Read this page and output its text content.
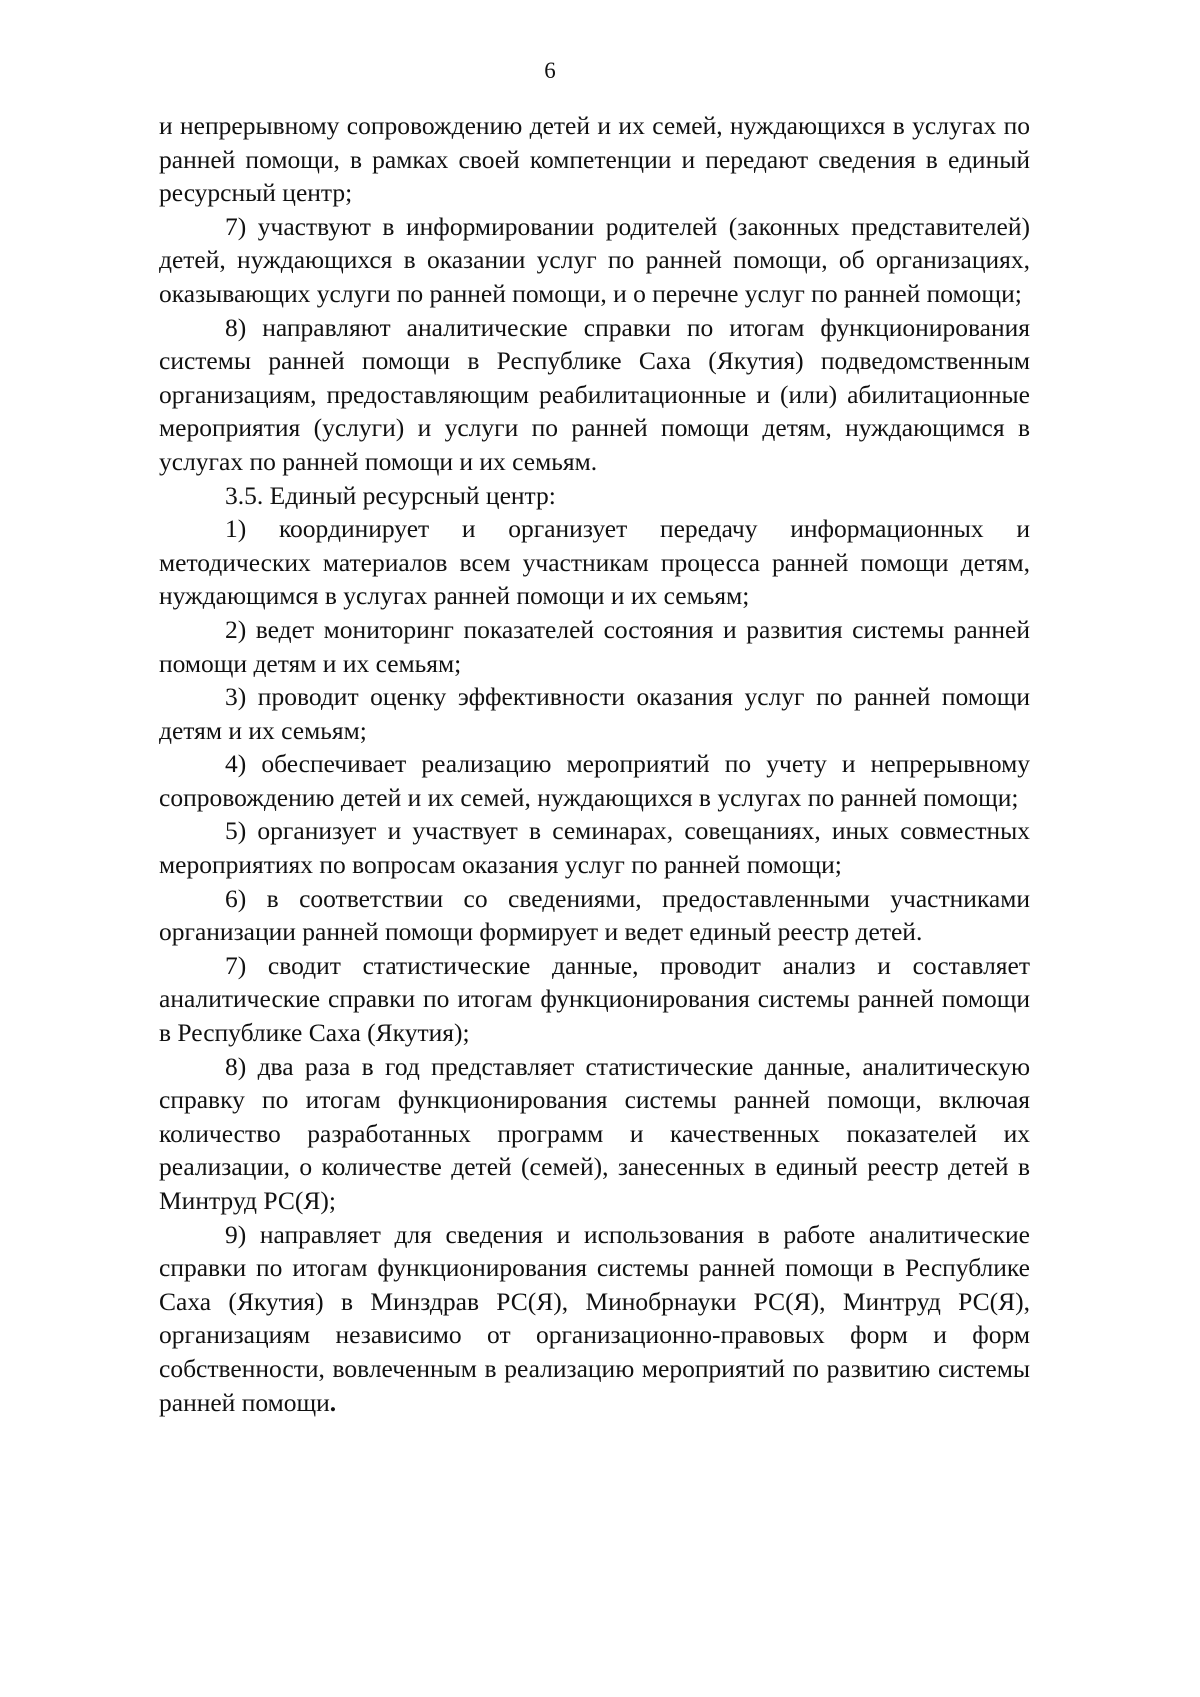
6

и непрерывному сопровождению детей и их семей, нуждающихся в услугах по ранней помощи, в рамках своей компетенции и передают сведения в единый ресурсный центр;

7) участвуют в информировании родителей (законных представителей) детей, нуждающихся в оказании услуг по ранней помощи, об организациях, оказывающих услуги по ранней помощи, и о перечне услуг по ранней помощи;

8) направляют аналитические справки по итогам функционирования системы ранней помощи в Республике Саха (Якутия) подведомственным организациям, предоставляющим реабилитационные и (или) абилитационные мероприятия (услуги) и услуги по ранней помощи детям, нуждающимся в услугах по ранней помощи и их семьям.

3.5. Единый ресурсный центр:

1) координирует и организует передачу информационных и методических материалов всем участникам процесса ранней помощи детям, нуждающимся в услугах ранней помощи и их семьям;

2) ведет мониторинг показателей состояния и развития системы ранней помощи детям и их семьям;

3) проводит оценку эффективности оказания услуг по ранней помощи детям и их семьям;

4) обеспечивает реализацию мероприятий по учету и непрерывному сопровождению детей и их семей, нуждающихся в услугах по ранней помощи;

5) организует и участвует в семинарах, совещаниях, иных совместных мероприятиях по вопросам оказания услуг по ранней помощи;

6) в соответствии со сведениями, предоставленными участниками организации ранней помощи формирует и ведет единый реестр детей.

7) сводит статистические данные, проводит анализ и составляет аналитические справки по итогам функционирования системы ранней помощи в Республике Саха (Якутия);

8) два раза в год представляет статистические данные, аналитическую справку по итогам функционирования системы ранней помощи, включая количество разработанных программ и качественных показателей их реализации, о количестве детей (семей), занесенных в единый реестр детей в Минтруд РС(Я);

9) направляет для сведения и использования в работе аналитические справки по итогам функционирования системы ранней помощи в Республике Саха (Якутия) в Минздрав РС(Я), Минобрнауки РС(Я), Минтруд РС(Я), организациям независимо от организационно-правовых форм и форм собственности, вовлеченным в реализацию мероприятий по развитию системы ранней помощи.
